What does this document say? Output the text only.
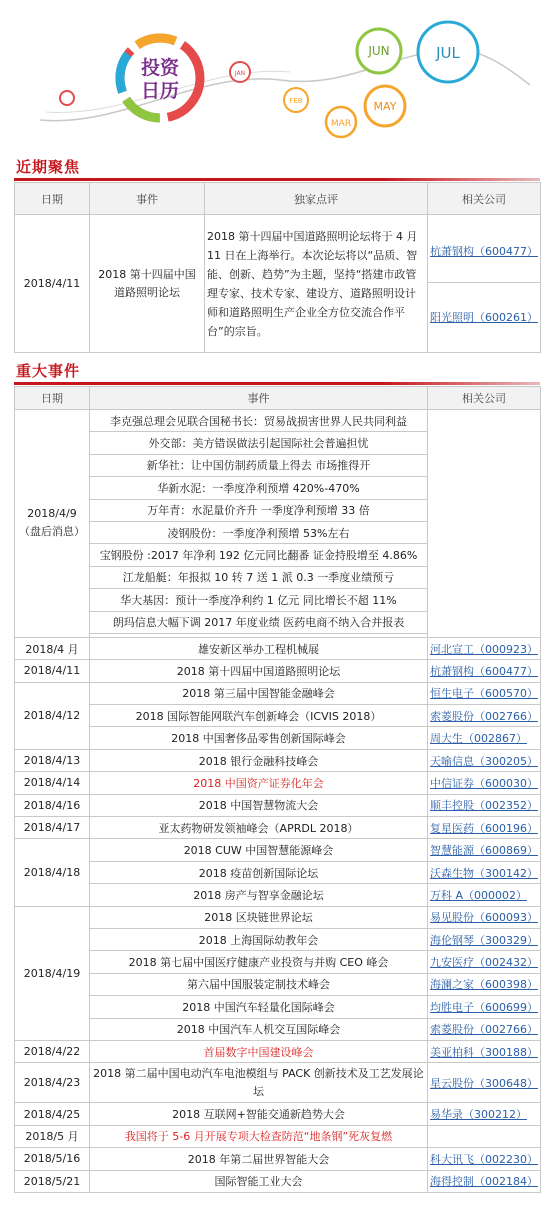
投资
日历
JAN
FEB
MAR
JUN	JUL
MAY
近期聚焦
日期	事件	独家点评	相关公司
2018/4/11	2018 第十四届中国道路照明论坛	2018 第十四届中国道路照明论坛将于 4 月 11 日在上海举行。本次论坛将以“品质、智能、创新、趋势”为主题，坚持“搭建市政管理专家、技术专家、建设方、道路照明设计师和道路照明生产企业全方位交流合作平台”的宗旨。	杭萧钢构（600477）
			阳光照明（600261）
重大事件
日期	事件	相关公司

2018/4/9
（盘后消息）	李克强总理会见联合国秘书长：贸易战损害世界人民共同利益	
	外交部：美方错误做法引起国际社会普遍担忧	
	新华社：让中国仿制药质量上得去 市场推得开	
	华新水泥：一季度净利预增 420%-470%	
	万年青：水泥量价齐升 一季度净利预增 33 倍	
	凌钢股份：一季度净利预增 53%左右	
	宝钢股份 :2017 年净利 192 亿元同比翻番 证金持股增至 4.86%	
	江龙船艇：年报拟 10 转 7 送 1 派 0.3 一季度业绩预亏	
	华大基因：预计一季度净利约 1 亿元 同比增长不超 11%	
	朗玛信息大幅下调 2017 年度业绩 医药电商不纳入合并报表	

2018/4 月	雄安新区举办工程机械展	河北宣工（000923）
2018/4/11	2018 第十四届中国道路照明论坛	杭萧钢构（600477）
2018/4/12	2018 第三届中国智能金融峰会	恒生电子（600570）
	2018 国际智能网联汽车创新峰会（ICVIS 2018）	索菱股份（002766）
	2018 中国奢侈品零售创新国际峰会	周大生（002867）
2018/4/13	2018 银行金融科技峰会	天喻信息（300205）
2018/4/14	2018 中国资产证券化年会	中信证券（600030）
2018/4/16	2018 中国智慧物流大会	顺丰控股（002352）
2018/4/17	亚太药物研发领袖峰会（APRDL 2018）	复星医药（600196）
2018/4/18	2018 CUW 中国智慧能源峰会	智慧能源（600869）
	2018 疫苗创新国际论坛	沃森生物（300142）
	2018 房产与智享金融论坛	万科 A（000002）
2018/4/19	2018 区块链世界论坛	易见股份（600093）
	2018 上海国际幼教年会	海伦钢琴（300329）
	2018 第七届中国医疗健康产业投资与并购 CEO 峰会	九安医疗（002432）
	第六届中国服装定制技术峰会	海澜之家（600398）
	2018 中国汽车轻量化国际峰会	均胜电子（600699）
	2018 中国汽车人机交互国际峰会	索菱股份（002766）
2018/4/22	首届数字中国建设峰会	美亚柏科（300188）
2018/4/23	2018 第二届中国电动汽车电池模组与 PACK 创新技术及工艺发展论坛	星云股份（300648）
2018/4/25	2018 互联网+智能交通新趋势大会	易华录（300212）
2018/5 月	我国将于 5-6 月开展专项大检查防范“地条钢”死灰复燃	
2018/5/16	2018 年第二届世界智能大会	科大讯飞（002230）
2018/5/21	国际智能工业大会	海得控制（002184）
